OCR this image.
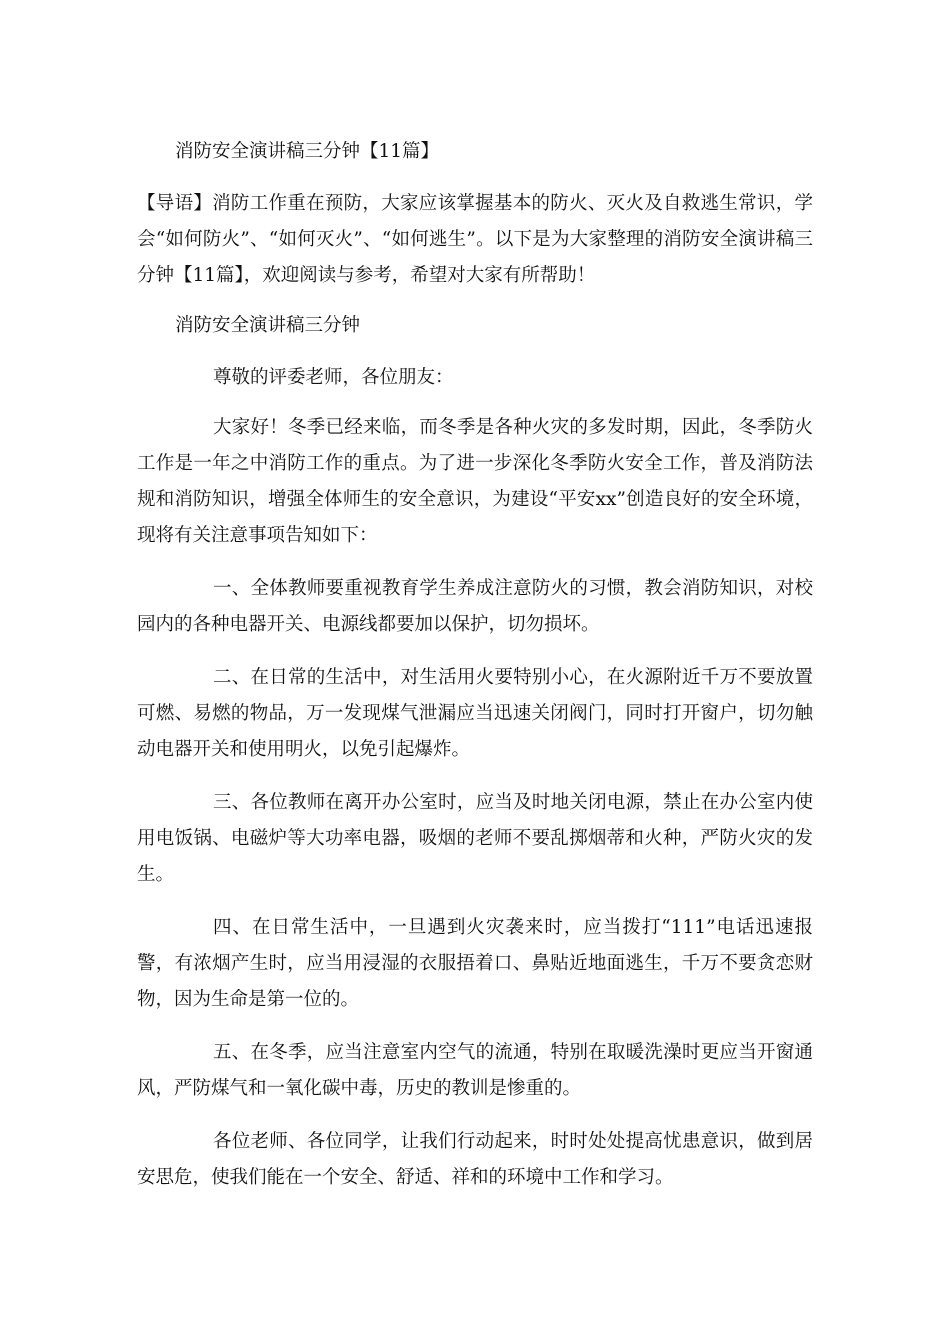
消防安全演讲稿三分钟【11篇】

【导语】消防工作重在预防，大家应该掌握基本的防火、灭火及自救逃生常识，学会“如何防火”、“如何灭火”、“如何逃生”。以下是为大家整理的消防安全演讲稿三分钟【11篇】，欢迎阅读与参考，希望对大家有所帮助！

消防安全演讲稿三分钟

尊敬的评委老师，各位朋友：

大家好！冬季已经来临，而冬季是各种火灾的多发时期，因此，冬季防火工作是一年之中消防工作的重点。为了进一步深化冬季防火安全工作，普及消防法规和消防知识，增强全体师生的安全意识，为建设“平安xx”创造良好的安全环境，现将有关注意事项告知如下：

一、全体教师要重视教育学生养成注意防火的习惯，教会消防知识，对校园内的各种电器开关、电源线都要加以保护，切勿损坏。

二、在日常的生活中，对生活用火要特别小心，在火源附近千万不要放置可燃、易燃的物品，万一发现煤气泄漏应当迅速关闭阀门，同时打开窗户，切勿触动电器开关和使用明火，以免引起爆炸。

三、各位教师在离开办公室时，应当及时地关闭电源，禁止在办公室内使用电饭锅、电磁炉等大功率电器，吸烟的老师不要乱掷烟蒂和火种，严防火灾的发生。

四、在日常生活中，一旦遇到火灾袭来时，应当拨打“111”电话迅速报警，有浓烟产生时，应当用浸湿的衣服捂着口、鼻贴近地面逃生，千万不要贪恋财物，因为生命是第一位的。

五、在冬季，应当注意室内空气的流通，特别在取暖洗澡时更应当开窗通风，严防煤气和一氧化碳中毒，历史的教训是惨重的。

各位老师、各位同学，让我们行动起来，时时处处提高忧患意识，做到居安思危，使我们能在一个安全、舒适、祥和的环境中工作和学习。
